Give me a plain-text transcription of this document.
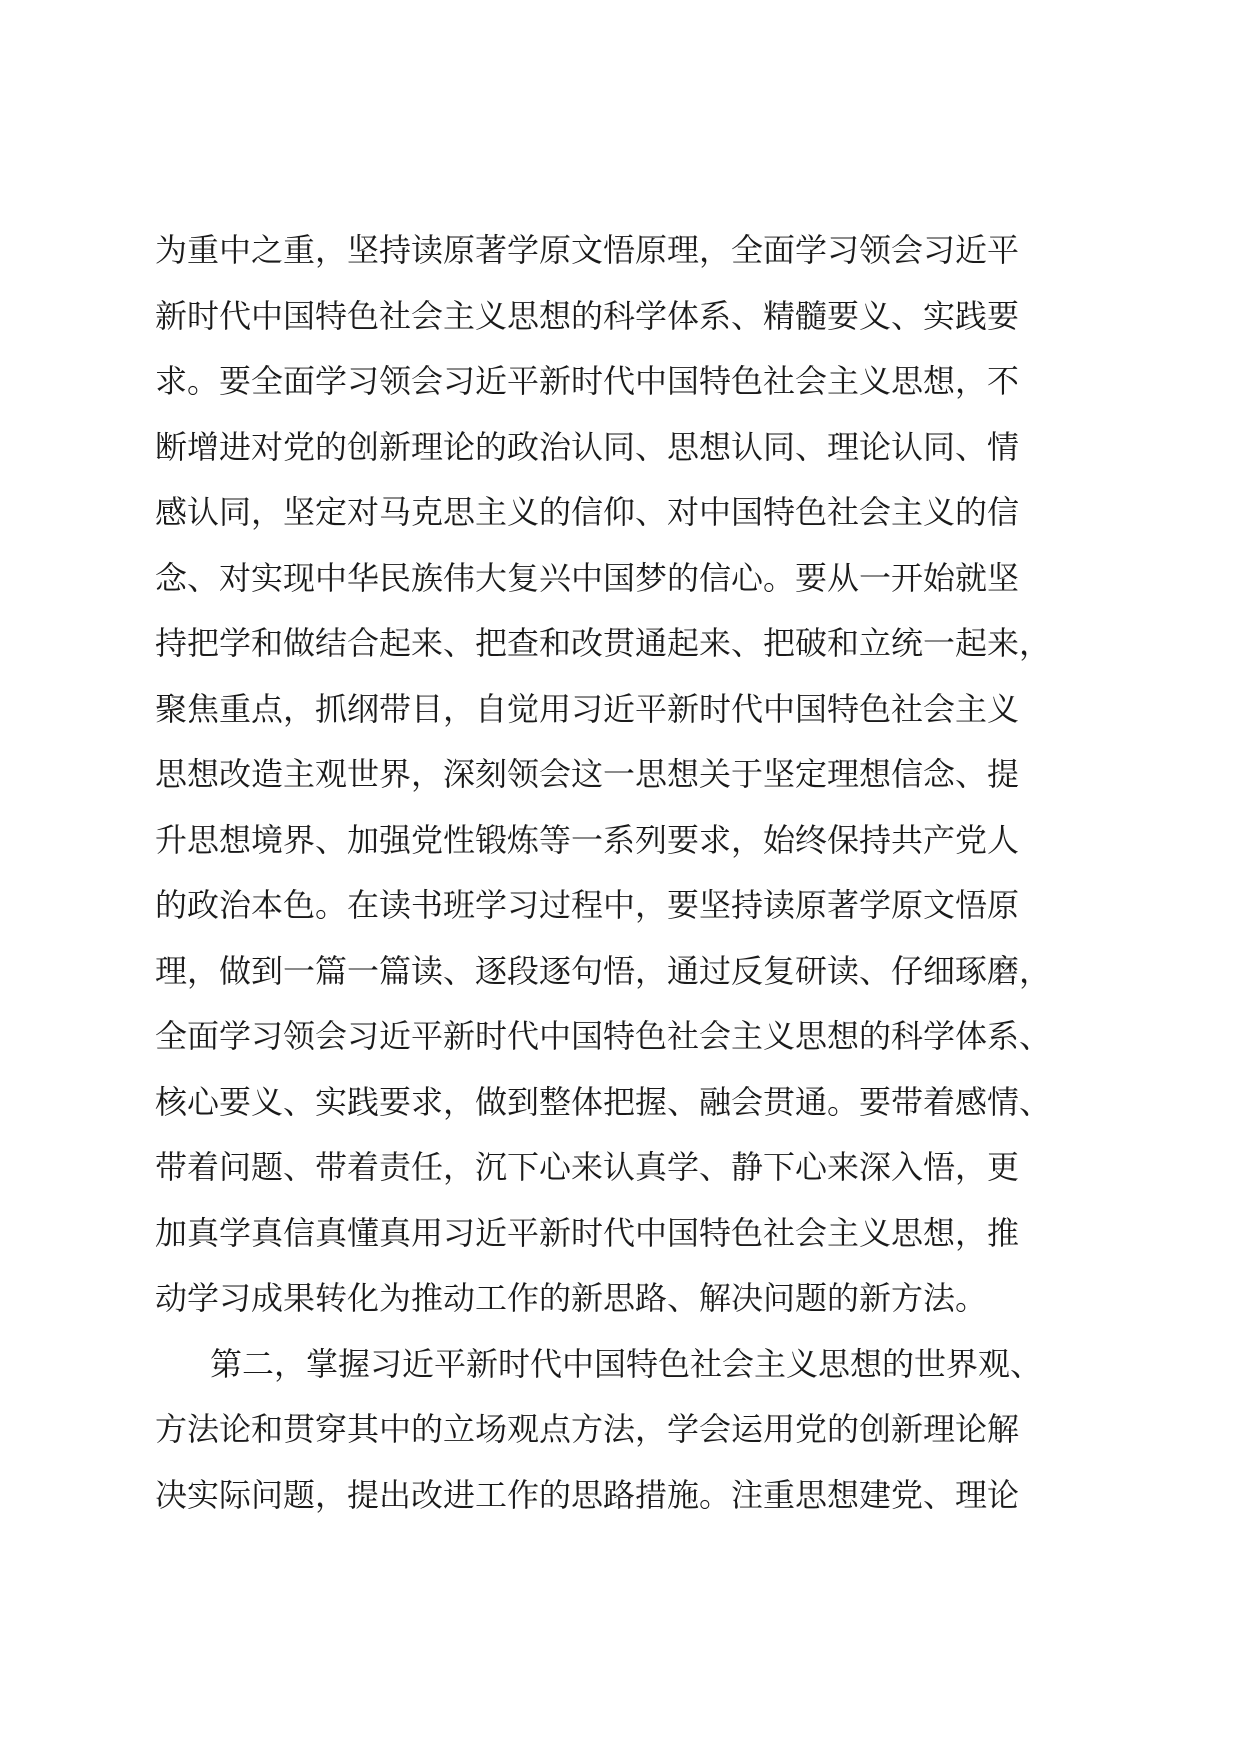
为重中之重，坚持读原著学原文悟原理，全面学习领会习近平
新时代中国特色社会主义思想的科学体系、精髓要义、实践要
求。要全面学习领会习近平新时代中国特色社会主义思想，不
断增进对党的创新理论的政治认同、思想认同、理论认同、情
感认同，坚定对马克思主义的信仰、对中国特色社会主义的信
念、对实现中华民族伟大复兴中国梦的信心。要从一开始就坚
持把学和做结合起来、把查和改贯通起来、把破和立统一起来，
聚焦重点，抓纲带目，自觉用习近平新时代中国特色社会主义
思想改造主观世界，深刻领会这一思想关于坚定理想信念、提
升思想境界、加强党性锻炼等一系列要求，始终保持共产党人
的政治本色。在读书班学习过程中，要坚持读原著学原文悟原
理，做到一篇一篇读、逐段逐句悟，通过反复研读、仔细琢磨，
全面学习领会习近平新时代中国特色社会主义思想的科学体系、
核心要义、实践要求，做到整体把握、融会贯通。要带着感情、
带着问题、带着责任，沉下心来认真学、静下心来深入悟，更
加真学真信真懂真用习近平新时代中国特色社会主义思想，推
动学习成果转化为推动工作的新思路、解决问题的新方法。
第二，掌握习近平新时代中国特色社会主义思想的世界观、
方法论和贯穿其中的立场观点方法，学会运用党的创新理论解
决实际问题，提出改进工作的思路措施。注重思想建党、理论
